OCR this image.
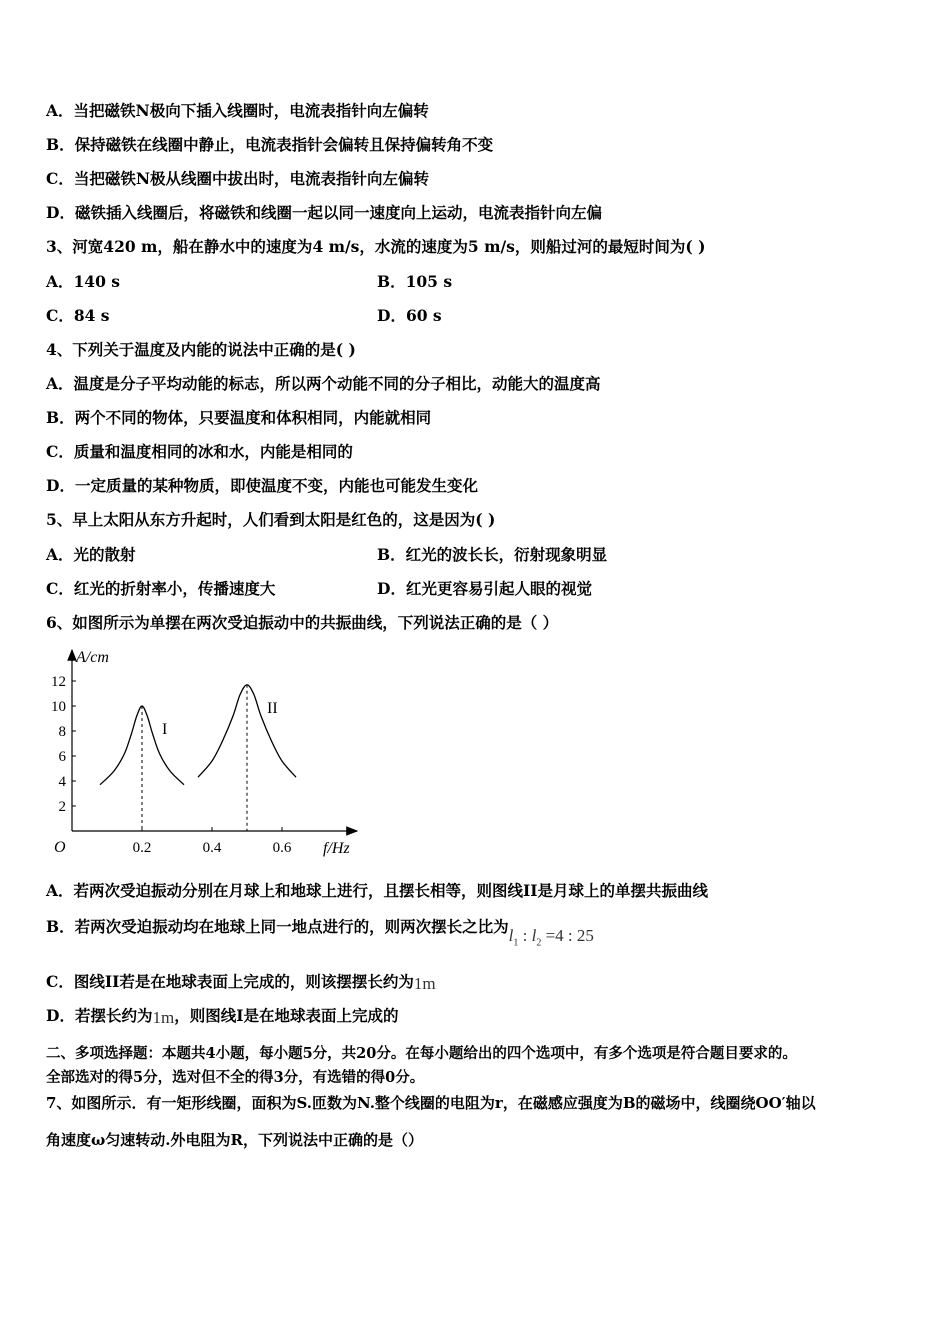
A．当把磁铁N极向下插入线圈时，电流表指针向左偏转
B．保持磁铁在线圈中静止，电流表指针会偏转且保持偏转角不变
C．当把磁铁N极从线圈中拔出时，电流表指针向左偏转
D．磁铁插入线圈后，将磁铁和线圈一起以同一速度向上运动，电流表指针向左偏
3、河宽420 m，船在静水中的速度为4 m/s，水流的速度为5 m/s，则船过河的最短时间为( )
A．140 s	B．105 s
C．84 s	D．60 s
4、下列关于温度及内能的说法中正确的是( )
A．温度是分子平均动能的标志，所以两个动能不同的分子相比，动能大的温度高
B．两个不同的物体，只要温度和体积相同，内能就相同
C．质量和温度相同的冰和水，内能是相同的
D．一定质量的某种物质，即使温度不变，内能也可能发生变化
5、早上太阳从东方升起时，人们看到太阳是红色的，这是因为( )
A．光的散射	B．红光的波长长，衍射现象明显
C．红光的折射率小，传播速度大	D．红光更容易引起人眼的视觉
6、如图所示为单摆在两次受迫振动中的共振曲线，下列说法正确的是（ ）
2
4
6
8
10
12
0.2	0.4	0.6
I
II
A/cm
f/Hz
O
A．若两次受迫振动分别在月球上和地球上进行，且摆长相等，则图线II是月球上的单摆共振曲线
B．若两次受迫振动均在地球上同一地点进行的，则两次摆长之比为$l_1$ : $l_2 =4$ : 25
C．图线II若是在地球表面上完成的，则该摆摆长约为1m
D．若摆长约为1m，则图线I是在地球表面上完成的
二、多项选择题：本题共4小题，每小题5分，共20分。在每小题给出的四个选项中，有多个选项是符合题目要求的。
全部选对的得5分，选对但不全的得3分，有选错的得0分。
7、如图所示．有一矩形线圈，面积为S.匝数为N.整个线圈的电阻为r，在磁感应强度为B的磁场中，线圈绕OO′轴以
角速度ω匀速转动.外电阻为R，下列说法中正确的是（）
